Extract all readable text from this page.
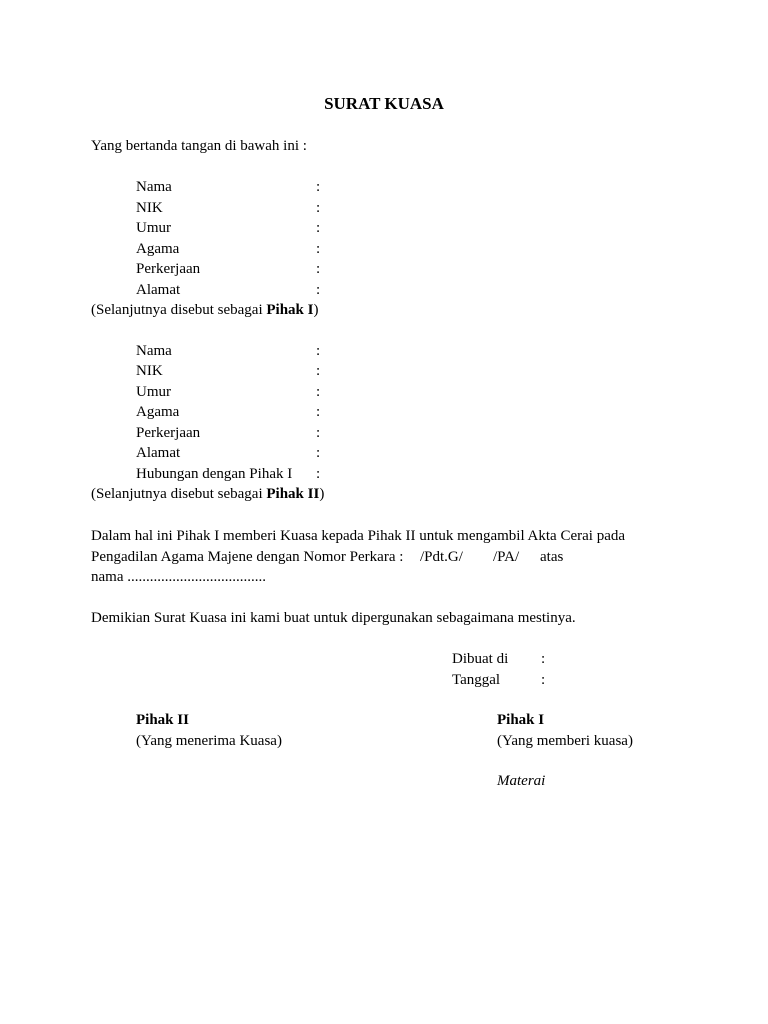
SURAT KUASA
Yang bertanda tangan di bawah ini :
Nama	:
NIK	:
Umur	:
Agama	:
Perkerjaan	:
Alamat	:
(Selanjutnya disebut sebagai Pihak I)
Nama	:
NIK	:
Umur	:
Agama	:
Perkerjaan	:
Alamat	:
Hubungan dengan Pihak I :
(Selanjutnya disebut sebagai Pihak II)
Dalam hal ini Pihak I memberi Kuasa kepada Pihak II untuk mengambil Akta Cerai pada
Pengadilan Agama Majene dengan Nomor Perkara : /Pdt.G/ /PA/ atas
nama .....................................
Demikian Surat Kuasa ini kami buat untuk dipergunakan sebagaimana mestinya.
Dibuat di :
Tanggal	:
Pihak II
(Yang menerima Kuasa)
Pihak I
(Yang memberi kuasa)
Materai
